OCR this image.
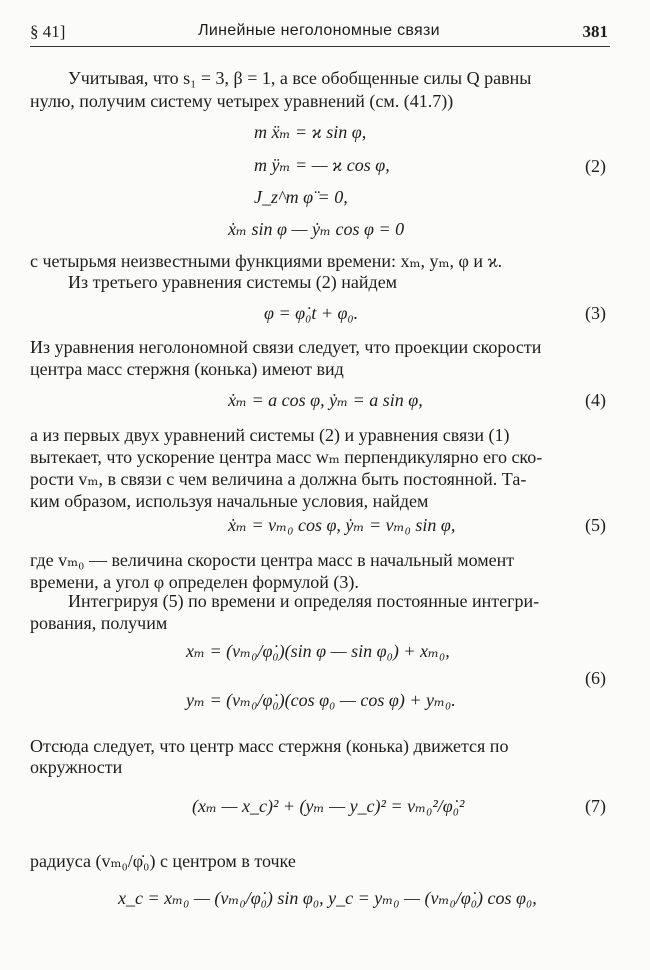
§ 41]	Линейные неголономные связи	381
Учитывая, что s₁ = 3, β = 1, а все обобщенные силы Q равны
нулю, получим систему четырех уравнений (см. (41.7))
m ẍₘ = ϰ sin φ,
m ÿₘ = — ϰ cos φ,
J_z^m φ̈ = 0,
ẋₘ sin φ — ẏₘ cos φ = 0
(2)
с четырьмя неизвестными функциями времени: xₘ, yₘ, φ и ϰ.
Из третьего уравнения системы (2) найдем
φ = φ̇₀t + φ₀.	(3)
Из уравнения неголономной связи следует, что проекции скорости
центра масс стержня (конька) имеют вид
ẋₘ = a cos φ, ẏₘ = a sin φ,	(4)
а из первых двух уравнений системы (2) и уравнения связи (1)
вытекает, что ускорение центра масс wₘ перпендикулярно его ско-
рости vₘ, в связи с чем величина a должна быть постоянной. Та-
ким образом, используя начальные условия, найдем
ẋₘ = vₘ₀ cos φ, ẏₘ = vₘ₀ sin φ,	(5)
где vₘ₀ — величина скорости центра масс в начальный момент
времени, а угол φ определен формулой (3).
Интегрируя (5) по времени и определяя постоянные интегри-
рования, получим
xₘ = (vₘ₀/φ̇₀)(sin φ — sin φ₀) + xₘ₀,
yₘ = (vₘ₀/φ̇₀)(cos φ₀ — cos φ) + yₘ₀.
(6)
Отсюда следует, что центр масс стержня (конька) движется по
окружности
(xₘ — x_c)² + (yₘ — y_c)² = vₘ₀²/φ̇₀²	(7)
радиуса (vₘ₀/φ̇₀) с центром в точке
x_c = xₘ₀ — (vₘ₀/φ̇₀) sin φ₀, y_c = yₘ₀ — (vₘ₀/φ̇₀) cos φ₀,
